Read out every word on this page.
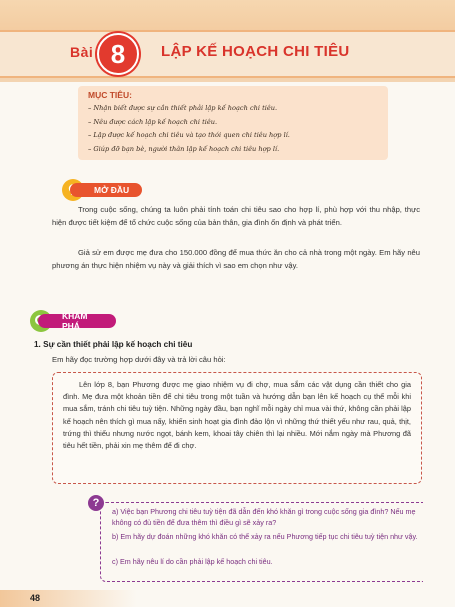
Bài 8 LẬP KẾ HOẠCH CHI TIÊU
MỤC TIÊU:
– Nhận biết được sự cần thiết phải lập kế hoạch chi tiêu.
– Nêu được cách lập kế hoạch chi tiêu.
– Lập được kế hoạch chi tiêu và tạo thói quen chi tiêu hợp lí.
– Giúp đỡ bạn bè, người thân lập kế hoạch chi tiêu hợp lí.
MỞ ĐẦU

Trong cuộc sống, chúng ta luôn phải tính toán chi tiêu sao cho hợp lí, phù hợp với thu nhập, thực hiện được tiết kiệm để tổ chức cuộc sống của bản thân, gia đình ổn định và phát triển.

Giả sử em được mẹ đưa cho 150.000 đồng để mua thức ăn cho cả nhà trong một ngày. Em hãy nêu phương án thực hiện nhiệm vụ này và giải thích vì sao em chọn như vậy.

KHÁM PHÁ
1. Sự cần thiết phải lập kế hoạch chi tiêu
Em hãy đọc trường hợp dưới đây và trả lời câu hỏi:

Lên lớp 8, bạn Phương được mẹ giao nhiệm vụ đi chợ, mua sắm các vật dụng cần thiết cho gia đình. Mẹ đưa một khoản tiền để chi tiêu trong một tuần và hướng dẫn bạn lên kế hoạch cụ thể mỗi khi mua sắm, tránh chi tiêu tuỳ tiện. Những ngày đầu, bạn nghĩ mỗi ngày chỉ mua vài thứ, không cần phải lập kế hoạch nên thích gì mua nấy, khiến sinh hoạt gia đình đảo lộn vì những thứ thiết yếu như rau, quả, thịt, trứng thì thiếu nhưng nước ngọt, bánh kem, khoai tây chiên thì lại nhiều. Mới nắm ngày mà Phương đã tiêu hết tiền, phải xin mẹ thêm để đi chợ.

?
a) Việc bạn Phương chi tiêu tuỳ tiện đã dẫn đến khó khăn gì trong cuộc sống gia đình? Nếu mẹ không có đủ tiền để đưa thêm thì điều gì sẽ xảy ra?
b) Em hãy dự đoán những khó khăn có thể xảy ra nếu Phương tiếp tục chi tiêu tuỳ tiện như vậy.
c) Em hãy nêu lí do cần phải lập kế hoạch chi tiêu.
48
